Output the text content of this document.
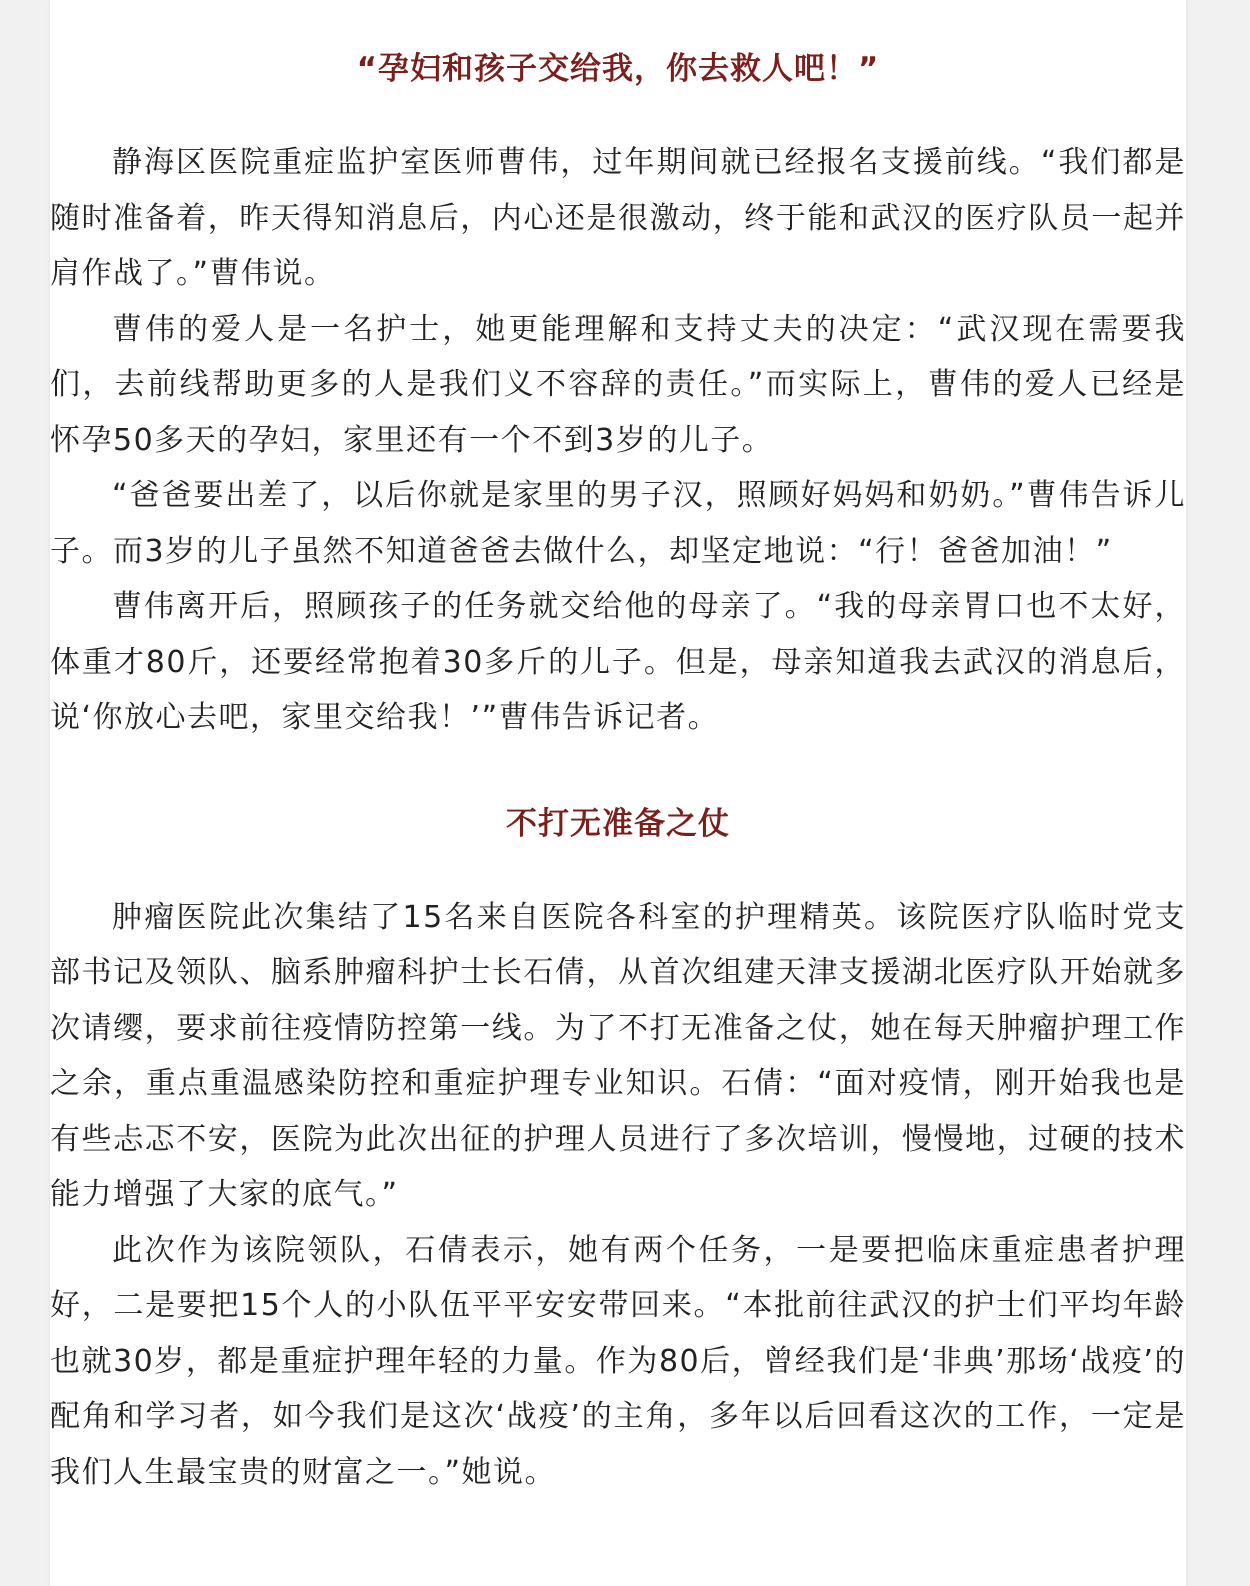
“孕妇和孩子交给我，你去救人吧！”

静海区医院重症监护室医师曹伟，过年期间就已经报名支援前线。“我们都是随时准备着，昨天得知消息后，内心还是很激动，终于能和武汉的医疗队员一起并肩作战了。”曹伟说。

曹伟的爱人是一名护士，她更能理解和支持丈夫的决定：“武汉现在需要我们，去前线帮助更多的人是我们义不容辞的责任。”而实际上，曹伟的爱人已经是怀孕50多天的孕妇，家里还有一个不到3岁的儿子。

“爸爸要出差了，以后你就是家里的男子汉，照顾好妈妈和奶奶。”曹伟告诉儿子。而3岁的儿子虽然不知道爸爸去做什么，却坚定地说：“行！爸爸加油！”

曹伟离开后，照顾孩子的任务就交给他的母亲了。“我的母亲胃口也不太好，体重才80斤，还要经常抱着30多斤的儿子。但是，母亲知道我去武汉的消息后，说‘你放心去吧，家里交给我！’”曹伟告诉记者。

不打无准备之仗

肿瘤医院此次集结了15名来自医院各科室的护理精英。该院医疗队临时党支部书记及领队、脑系肿瘤科护士长石倩，从首次组建天津支援湖北医疗队开始就多次请缨，要求前往疫情防控第一线。为了不打无准备之仗，她在每天肿瘤护理工作之余，重点重温感染防控和重症护理专业知识。石倩：“面对疫情，刚开始我也是有些忐忑不安，医院为此次出征的护理人员进行了多次培训，慢慢地，过硬的技术能力增强了大家的底气。”

此次作为该院领队，石倩表示，她有两个任务，一是要把临床重症患者护理好，二是要把15个人的小队伍平平安安带回来。“本批前往武汉的护士们平均年龄也就30岁，都是重症护理年轻的力量。作为80后，曾经我们是‘非典’那场‘战疫’的配角和学习者，如今我们是这次‘战疫’的主角，多年以后回看这次的工作，一定是我们人生最宝贵的财富之一。”她说。
